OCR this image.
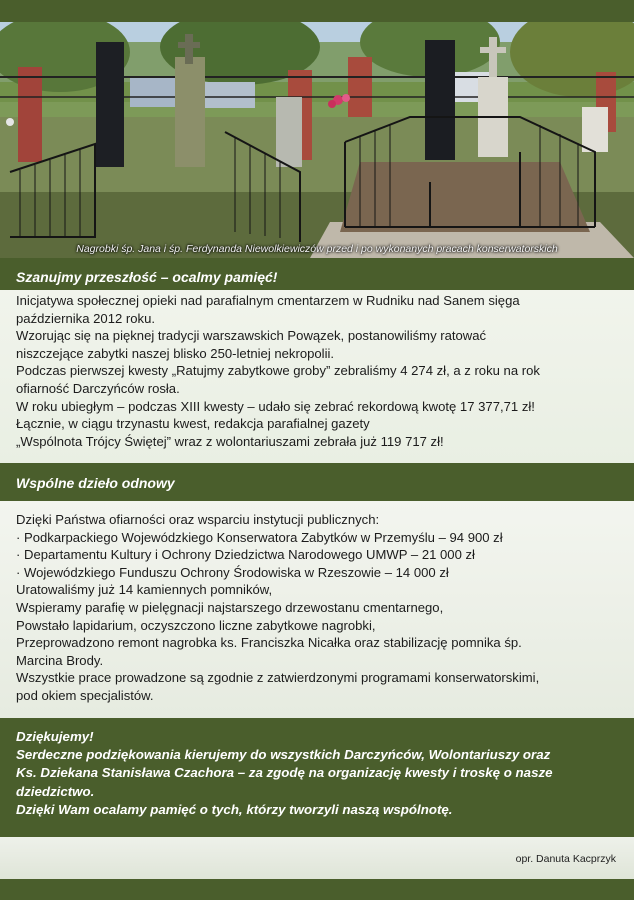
Nagrobki śp. Jana i śp. Ferdynanda Niewolkiewiczów przed i po wykonanych pracach konserwatorskich
Szanujmy przeszłość – ocalmy pamięć!

Inicjatywa społecznej opieki nad parafialnym cmentarzem w Rudniku nad Sanem sięga

października 2012 roku.

Wzorując się na pięknej tradycji warszawskich Powązek, postanowiliśmy ratować

niszczejące zabytki naszej blisko 250-letniej nekropolii.

Podczas pierwszej kwesty „Ratujmy zabytkowe groby” zebraliśmy 4 274 zł, a z roku na rok

ofiarność Darczyńców rosła.

W roku ubiegłym – podczas XIII kwesty – udało się zebrać rekordową kwotę 17 377,71 zł!

Łącznie, w ciągu trzynastu kwest, redakcja parafialnej gazety

„Wspólnota Trójcy Świętej” wraz z wolontariuszami zebrała już 119 717 zł!

Wspólne dzieło odnowy

Dzięki Państwa ofiarności oraz wsparciu instytucji publicznych:

· Podkarpackiego Wojewódzkiego Konserwatora Zabytków w Przemyślu – 94 900 zł

· Departamentu Kultury i Ochrony Dziedzictwa Narodowego UMWP – 21 000 zł

· Wojewódzkiego Funduszu Ochrony Środowiska w Rzeszowie – 14 000 zł

Uratowaliśmy już 14 kamiennych pomników,

Wspieramy parafię w pielęgnacji najstarszego drzewostanu cmentarnego,

Powstało lapidarium, oczyszczono liczne zabytkowe nagrobki,

Przeprowadzono remont nagrobka ks. Franciszka Nicałka oraz stabilizację pomnika śp.

Marcina Brody.

Wszystkie prace prowadzone są zgodnie z zatwierdzonymi programami konserwatorskimi,

pod okiem specjalistów.

Dziękujemy!

Serdeczne podziękowania kierujemy do wszystkich Darczyńców, Wolontariuszy oraz

Ks. Dziekana Stanisława Czachora – za zgodę na organizację kwesty i troskę o nasze

dziedzictwo.

Dzięki Wam ocalamy pamięć o tych, którzy tworzyli naszą wspólnotę.

opr. Danuta Kacprzyk
